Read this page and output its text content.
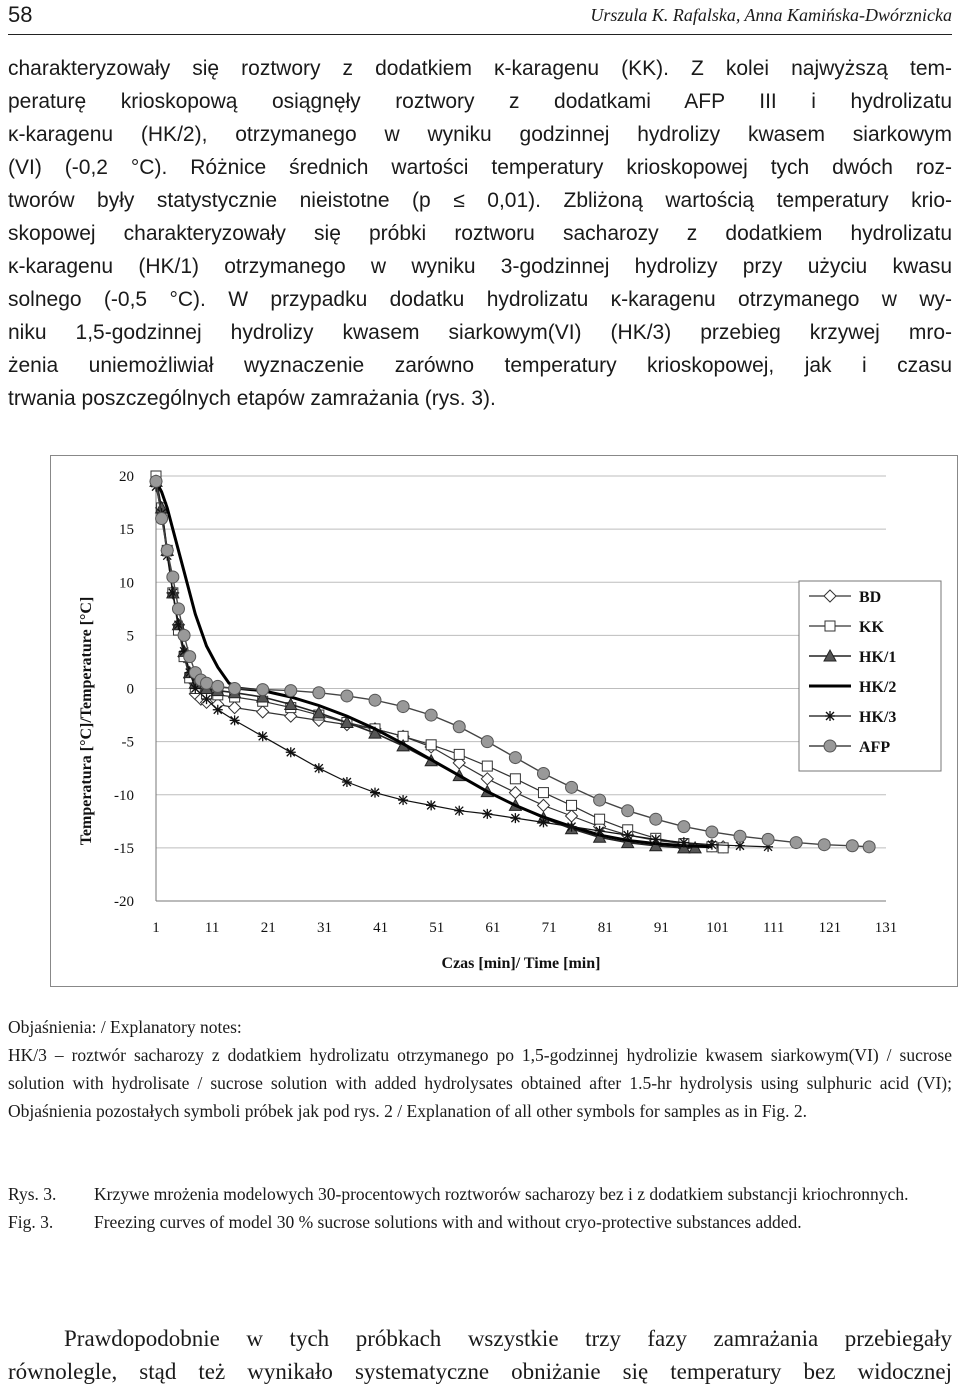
58	Urszula K. Rafalska, Anna Kamińska-Dwórznicka
charakteryzowały się roztwory z dodatkiem κ-karagenu (KK). Z kolei najwyższą tem-
peraturę krioskopową osiągnęły roztwory z dodatkami AFP III i hydrolizatu
κ-karagenu (HK/2), otrzymanego w wyniku godzinnej hydrolizy kwasem siarkowym
(VI) (-0,2 °C). Różnice średnich wartości temperatury krioskopowej tych dwóch roz-
tworów były statystycznie nieistotne (p ≤ 0,01). Zbliżoną wartością temperatury krio-
skopowej charakteryzowały się próbki roztworu sacharozy z dodatkiem hydrolizatu
κ-karagenu (HK/1) otrzymanego w wyniku 3-godzinnej hydrolizy przy użyciu kwasu
solnego (-0,5 °C). W przypadku dodatku hydrolizatu κ-karagenu otrzymanego w wy-
niku 1,5-godzinnej hydrolizy kwasem siarkowym(VI) (HK/3) przebieg krzywej mro-
żenia uniemożliwiał wyznaczenie zarówno temperatury krioskopowej, jak i czasu
trwania poszczególnych etapów zamrażania (rys. 3).
20
15
10
5
0
-5
-10
-15
-20
1	11	21	31	41	51	61	71	81	91 101 111 121 131
Temperatura [°C]/Temperature [°C]
Czas [min]/ Time [min]
BD
KK
HK/1
HK/2
HK/3
AFP

Objaśnienia: / Explanatory notes:

HK/3 – roztwór sacharozy z dodatkiem hydrolizatu otrzymanego po 1,5-godzinnej hydrolizie kwasem siarkowym(VI) / sucrose solution with hydrolisate / sucrose solution with added hydrolysates obtained after 1.5-hr hydrolysis using sulphuric acid (VI); Objaśnienia pozostałych symboli próbek jak pod rys. 2 / Explanation of all other symbols for samples as in Fig. 2.

Rys. 3.	Krzywe mrożenia modelowych 30-procentowych roztworów sacharozy bez i z dodatkiem substancji kriochronnych.
Fig. 3.	Freezing curves of model 30 % sucrose solutions with and without cryo-protective substances added.
Prawdopodobnie w tych próbkach wszystkie trzy fazy zamrażania przebiegały
równolegle, stąd też wynikało systematyczne obniżanie się temperatury bez widocznej
